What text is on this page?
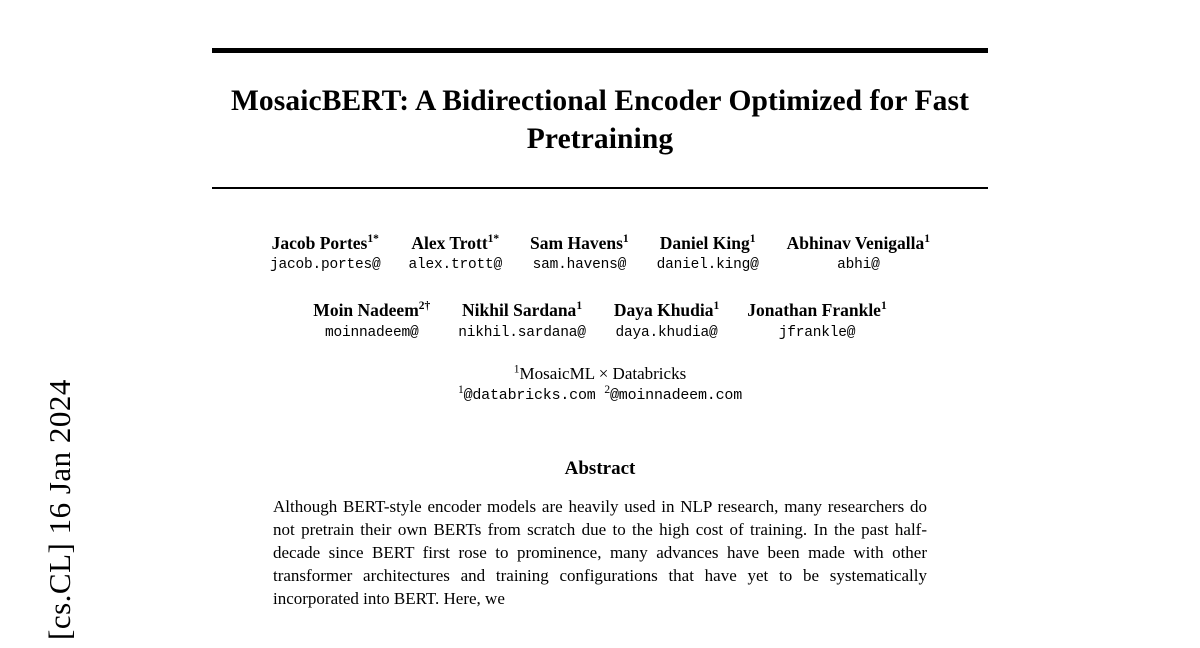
[cs.CL] 16 Jan 2024
MosaicBERT: A Bidirectional Encoder Optimized for Fast Pretraining
Jacob Portes$^{1*}$
jacob.portes@
Alex Trott$^{1*}$
alex.trott@
Sam Havens$^1$
sam.havens@
Daniel King$^1$
daniel.king@
Abhinav Venigalla$^1$
abhi@
Moin Nadeem$^{2\dagger}$
moinnadeem@
Nikhil Sardana$^1$
nikhil.sardana@
Daya Khudia$^1$
daya.khudia@
Jonathan Frankle$^1$
jfrankle@
$^1$MosaicML × Databricks
$^1$@databricks.com $^2$@moinnadeem.com
Abstract
Although BERT-style encoder models are heavily used in NLP research, many researchers do not pretrain their own BERTs from scratch due to the high cost of training. In the past half-decade since BERT first rose to prominence, many advances have been made with other transformer architectures and training configurations that have yet to be systematically incorporated into BERT. Here, we
